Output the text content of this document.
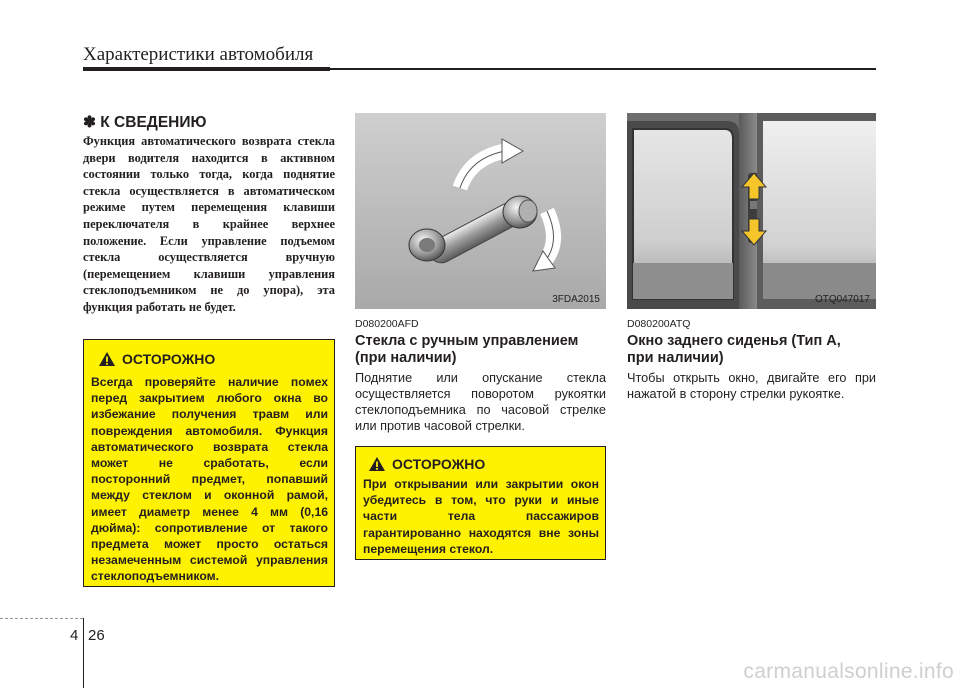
Характеристики автомобиля
✽ К СВЕДЕНИЮ
Функция автоматического возврата стекла двери водителя находится в активном состоянии только тогда, когда поднятие стекла осуществляется в автоматическом режиме путем перемещения клавиши переключателя в крайнее верхнее положение. Если управление подъемом стекла осуществляется вручную (перемещением клавиши управления стеклоподъемником не до упора), эта функция работать не будет.
ОСТОРОЖНО
Всегда проверяйте наличие помех перед закрытием любого окна во избежание получения травм или повреждения автомобиля. Функция автоматического возврата стекла может не сработать, если посторонний предмет, попавший между стеклом и оконной рамой, имеет диаметр менее 4 мм (0,16 дюйма): сопротивление от такого предмета может просто остаться незамеченным системой управления стеклоподъемником.
3FDA2015
D080200AFD
Стекла с ручным управлением (при наличии)
Поднятие или опускание стекла осуществляется поворотом рукоятки стеклоподъемника по часовой стрелке или против часовой стрелки.
ОСТОРОЖНО
При открывании или закрытии окон убедитесь в том, что руки и иные части тела пассажиров гарантированно находятся вне зоны перемещения стекол.
OTQ047017
D080200ATQ
Окно заднего сиденья (Тип А, при наличии)
Чтобы открыть окно, двигайте его при нажатой в сторону стрелки рукоятке.
4 26
carmanualsonline.info
